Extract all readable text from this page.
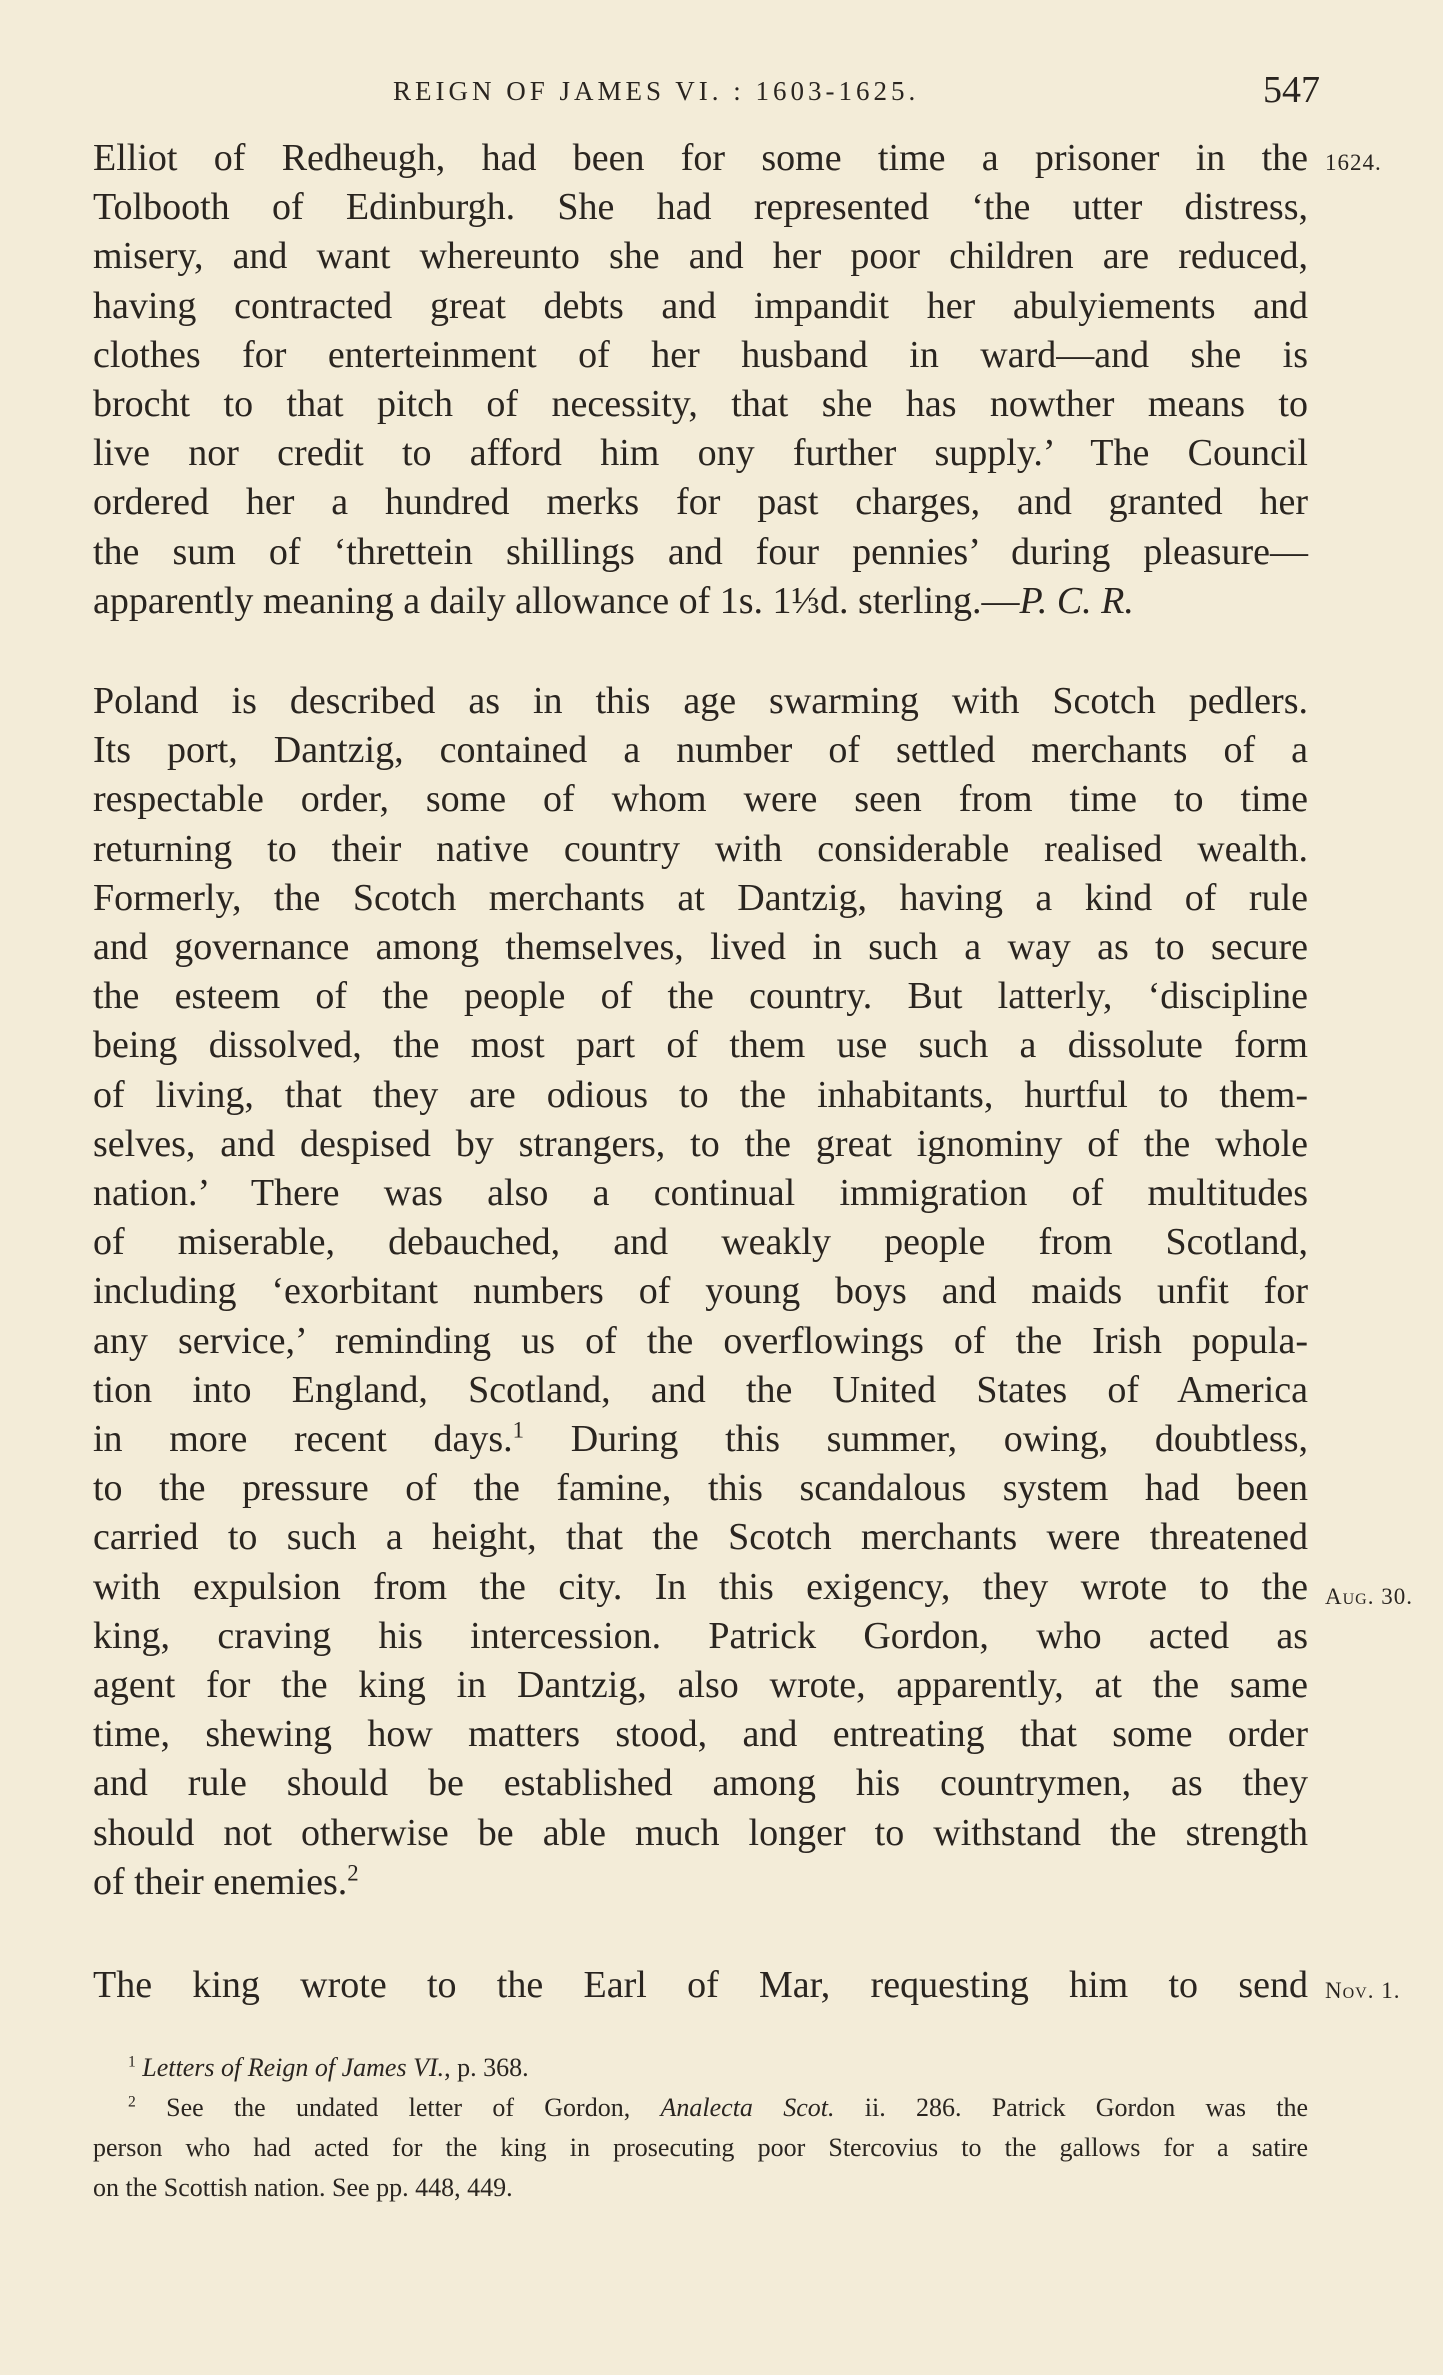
REIGN OF JAMES VI. : 1603-1625.	547
1624.
Aug. 30.
Nov. 1.

Elliot of Redheugh, had been for some time a prisoner in the
Tolbooth of Edinburgh. She had represented ‘the utter distress,
misery, and want whereunto she and her poor children are reduced,
having contracted great debts and impandit her abulyiements and
clothes for enterteinment of her husband in ward—and she is
brocht to that pitch of necessity, that she has nowther means to
live nor credit to afford him ony further supply.’ The Council
ordered her a hundred merks for past charges, and granted her
the sum of ‘threttein shillings and four pennies’ during pleasure—
apparently meaning a daily allowance of 1s. 1⅓d. sterling.—P. C. R.

Poland is described as in this age swarming with Scotch pedlers.
Its port, Dantzig, contained a number of settled merchants of a
respectable order, some of whom were seen from time to time
returning to their native country with considerable realised wealth.
Formerly, the Scotch merchants at Dantzig, having a kind of rule
and governance among themselves, lived in such a way as to secure
the esteem of the people of the country. But latterly, ‘discipline
being dissolved, the most part of them use such a dissolute form
of living, that they are odious to the inhabitants, hurtful to them-
selves, and despised by strangers, to the great ignominy of the whole
nation.’ There was also a continual immigration of multitudes
of miserable, debauched, and weakly people from Scotland,
including ‘exorbitant numbers of young boys and maids unfit for
any service,’ reminding us of the overflowings of the Irish popula-
tion into England, Scotland, and the United States of America
in more recent days.$^1$ During this summer, owing, doubtless,
to the pressure of the famine, this scandalous system had been
carried to such a height, that the Scotch merchants were threatened
with expulsion from the city. In this exigency, they wrote to the
king, craving his intercession. Patrick Gordon, who acted as
agent for the king in Dantzig, also wrote, apparently, at the same
time, shewing how matters stood, and entreating that some order
and rule should be established among his countrymen, as they
should not otherwise be able much longer to withstand the strength
of their enemies.$^2$

The king wrote to the Earl of Mar, requesting him to send

$^1$ Letters of Reign of James VI., p. 368.
$^2$ See the undated letter of Gordon, Analecta Scot. ii. 286. Patrick Gordon was the
person who had acted for the king in prosecuting poor Stercovius to the gallows for a satire
on the Scottish nation. See pp. 448, 449.
